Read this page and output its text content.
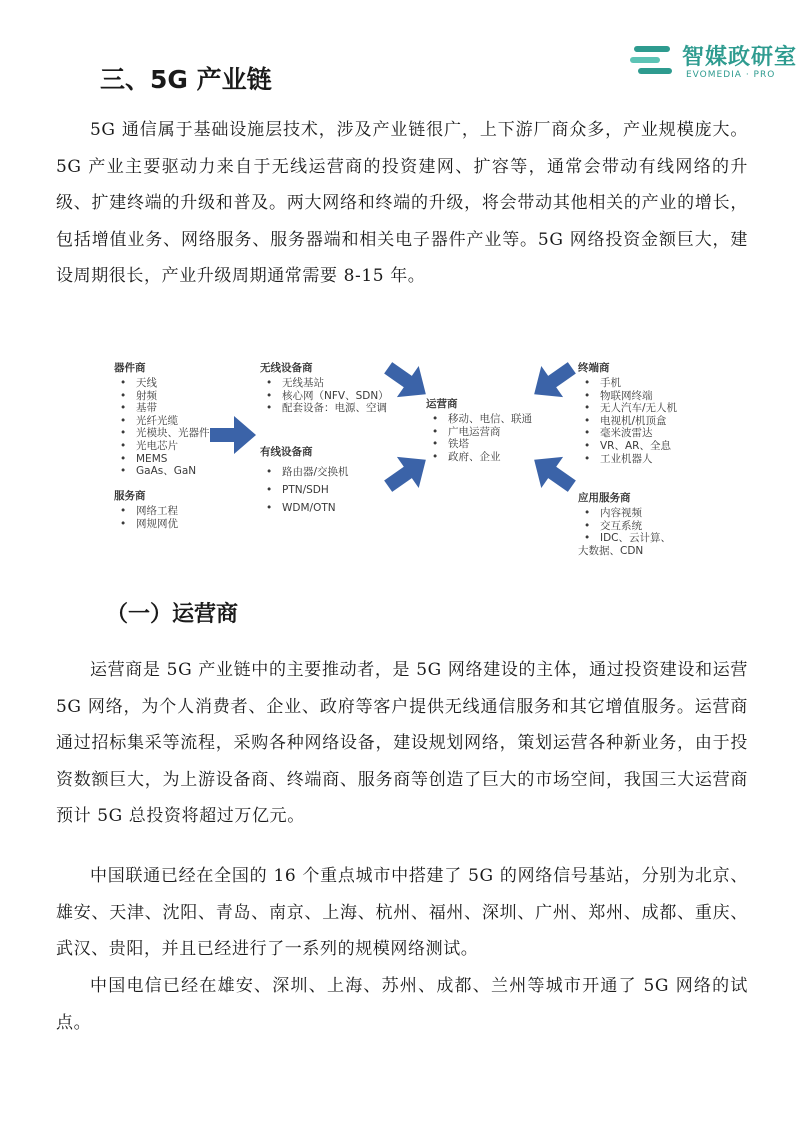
智媒政研室
EVOMEDIA · PRO
三、5G 产业链

5G 通信属于基础设施层技术，涉及产业链很广，上下游厂商众多，产业规模庞大。5G 产业主要驱动力来自于无线运营商的投资建网、扩容等，通常会带动有线网络的升级、扩建终端的升级和普及。两大网络和终端的升级，将会带动其他相关的产业的增长，包括增值业务、网络服务、服务器端和相关电子器件产业等。5G 网络投资金额巨大，建设周期很长，产业升级周期通常需要 8-15 年。

器件商
• 天线
• 射频
• 基带
• 光纤光缆
• 光模块、光器件
• 光电芯片
• MEMS
• GaAs、GaN
服务商
• 网络工程
• 网规网优
无线设备商
• 无线基站
• 核心网（NFV、SDN）
• 配套设备：电源、空调
有线设备商
• 路由器/交换机
• PTN/SDH
• WDM/OTN
运营商
• 移动、电信、联通
• 广电运营商
• 铁塔
• 政府、企业
终端商
• 手机
• 物联网终端
• 无人汽车/无人机
• 电视机/机顶盒
• 毫米波雷达
• VR、AR、全息
• 工业机器人
应用服务商
• 内容视频
• 交互系统
• IDC、云计算、
大数据、CDN
（一）运营商

运营商是 5G 产业链中的主要推动者，是 5G 网络建设的主体，通过投资建设和运营 5G 网络，为个人消费者、企业、政府等客户提供无线通信服务和其它增值服务。运营商通过招标集采等流程，采购各种网络设备，建设规划网络，策划运营各种新业务，由于投资数额巨大，为上游设备商、终端商、服务商等创造了巨大的市场空间，我国三大运营商预计 5G 总投资将超过万亿元。

中国联通已经在全国的 16 个重点城市中搭建了 5G 的网络信号基站，分别为北京、雄安、天津、沈阳、青岛、南京、上海、杭州、福州、深圳、广州、郑州、成都、重庆、武汉、贵阳，并且已经进行了一系列的规模网络测试。

中国电信已经在雄安、深圳、上海、苏州、成都、兰州等城市开通了 5G 网络的试点。
